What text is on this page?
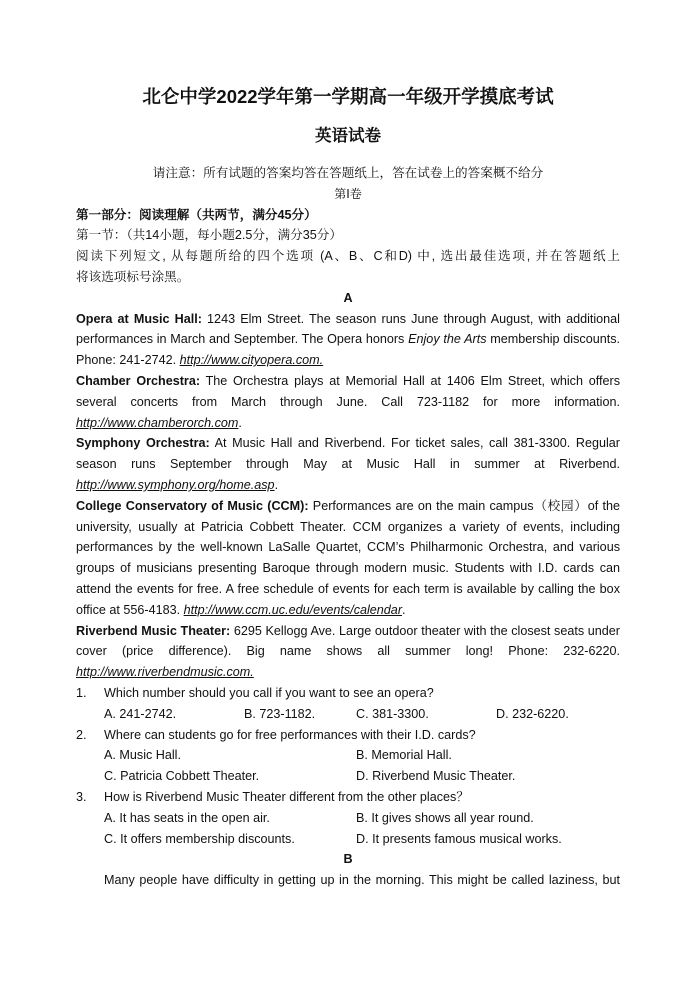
北仑中学2022学年第一学期高一年级开学摸底考试
英语试卷
请注意：所有试题的答案均答在答题纸上，答在试卷上的答案概不给分
第Ⅰ卷
第一部分：阅读理解（共两节，满分45分）
第一节：（共14小题，每小题2.5分，满分35分）
阅读下列短文, 从每题所给的四个选项 (A、B、C和D) 中, 选出最佳选项, 并在答题纸上
将该选项标号涂黑。
A

Opera at Music Hall: 1243 Elm Street. The season runs June through August, with additional performances in March and September. The Opera honors Enjoy the Arts membership discounts. Phone: 241-2742. http://www.cityopera.com.

Chamber Orchestra: The Orchestra plays at Memorial Hall at 1406 Elm Street, which offers several concerts from March through June. Call 723-1182 for more information. http://www.chamberorch.com.

Symphony Orchestra: At Music Hall and Riverbend. For ticket sales, call 381-3300. Regular season runs September through May at Music Hall in summer at Riverbend. http://www.symphony.org/home.asp.

College Conservatory of Music (CCM): Performances are on the main campus（校园）of the university, usually at Patricia Cobbett Theater. CCM organizes a variety of events, including performances by the well-known LaSalle Quartet, CCM’s Philharmonic Orchestra, and various groups of musicians presenting Baroque through modern music. Students with I.D. cards can attend the events for free. A free schedule of events for each term is available by calling the box office at 556-4183. http://www.ccm.uc.edu/events/calendar.

Riverbend Music Theater: 6295 Kellogg Ave. Large outdoor theater with the closest seats under cover (price difference). Big name shows all summer long! Phone: 232-6220. http://www.riverbendmusic.com.

1. Which number should you call if you want to see an opera?
A. 241-2742.	B. 723-1182.	C. 381-3300.	D. 232-6220.
2. Where can students go for free performances with their I.D. cards?
A. Music Hall.	B. Memorial Hall.
C. Patricia Cobbett Theater.	D. Riverbend Music Theater.
3. How is Riverbend Music Theater different from the other places？
A. It has seats in the open air.	B. It gives shows all year round.
C. It offers membership discounts.	D. It presents famous musical works.
B
Many people have difficulty in getting up in the morning. This might be called laziness, but
